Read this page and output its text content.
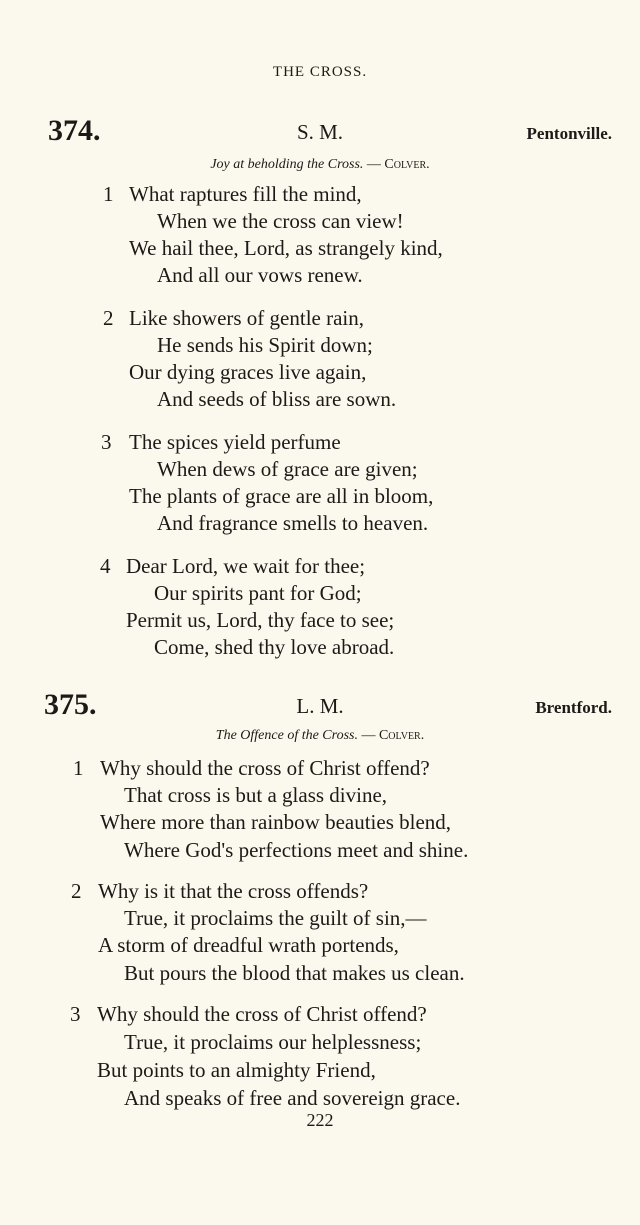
THE CROSS.
374.	S. M.	Pentonville.
Joy at beholding the Cross. — Colver.
1 What raptures fill the mind,
When we the cross can view!
We hail thee, Lord, as strangely kind,
And all our vows renew.
2 Like showers of gentle rain,
He sends his Spirit down;
Our dying graces live again,
And seeds of bliss are sown.
3 The spices yield perfume
When dews of grace are given;
The plants of grace are all in bloom,
And fragrance smells to heaven.
4 Dear Lord, we wait for thee;
Our spirits pant for God;
Permit us, Lord, thy face to see;
Come, shed thy love abroad.
375.	L. M.	Brentford.
The Offence of the Cross. — Colver.
1 Why should the cross of Christ offend?
That cross is but a glass divine,
Where more than rainbow beauties blend,
Where God's perfections meet and shine.
2 Why is it that the cross offends?
True, it proclaims the guilt of sin,—
A storm of dreadful wrath portends,
But pours the blood that makes us clean.
3 Why should the cross of Christ offend?
True, it proclaims our helplessness;
But points to an almighty Friend,
And speaks of free and sovereign grace.
222
